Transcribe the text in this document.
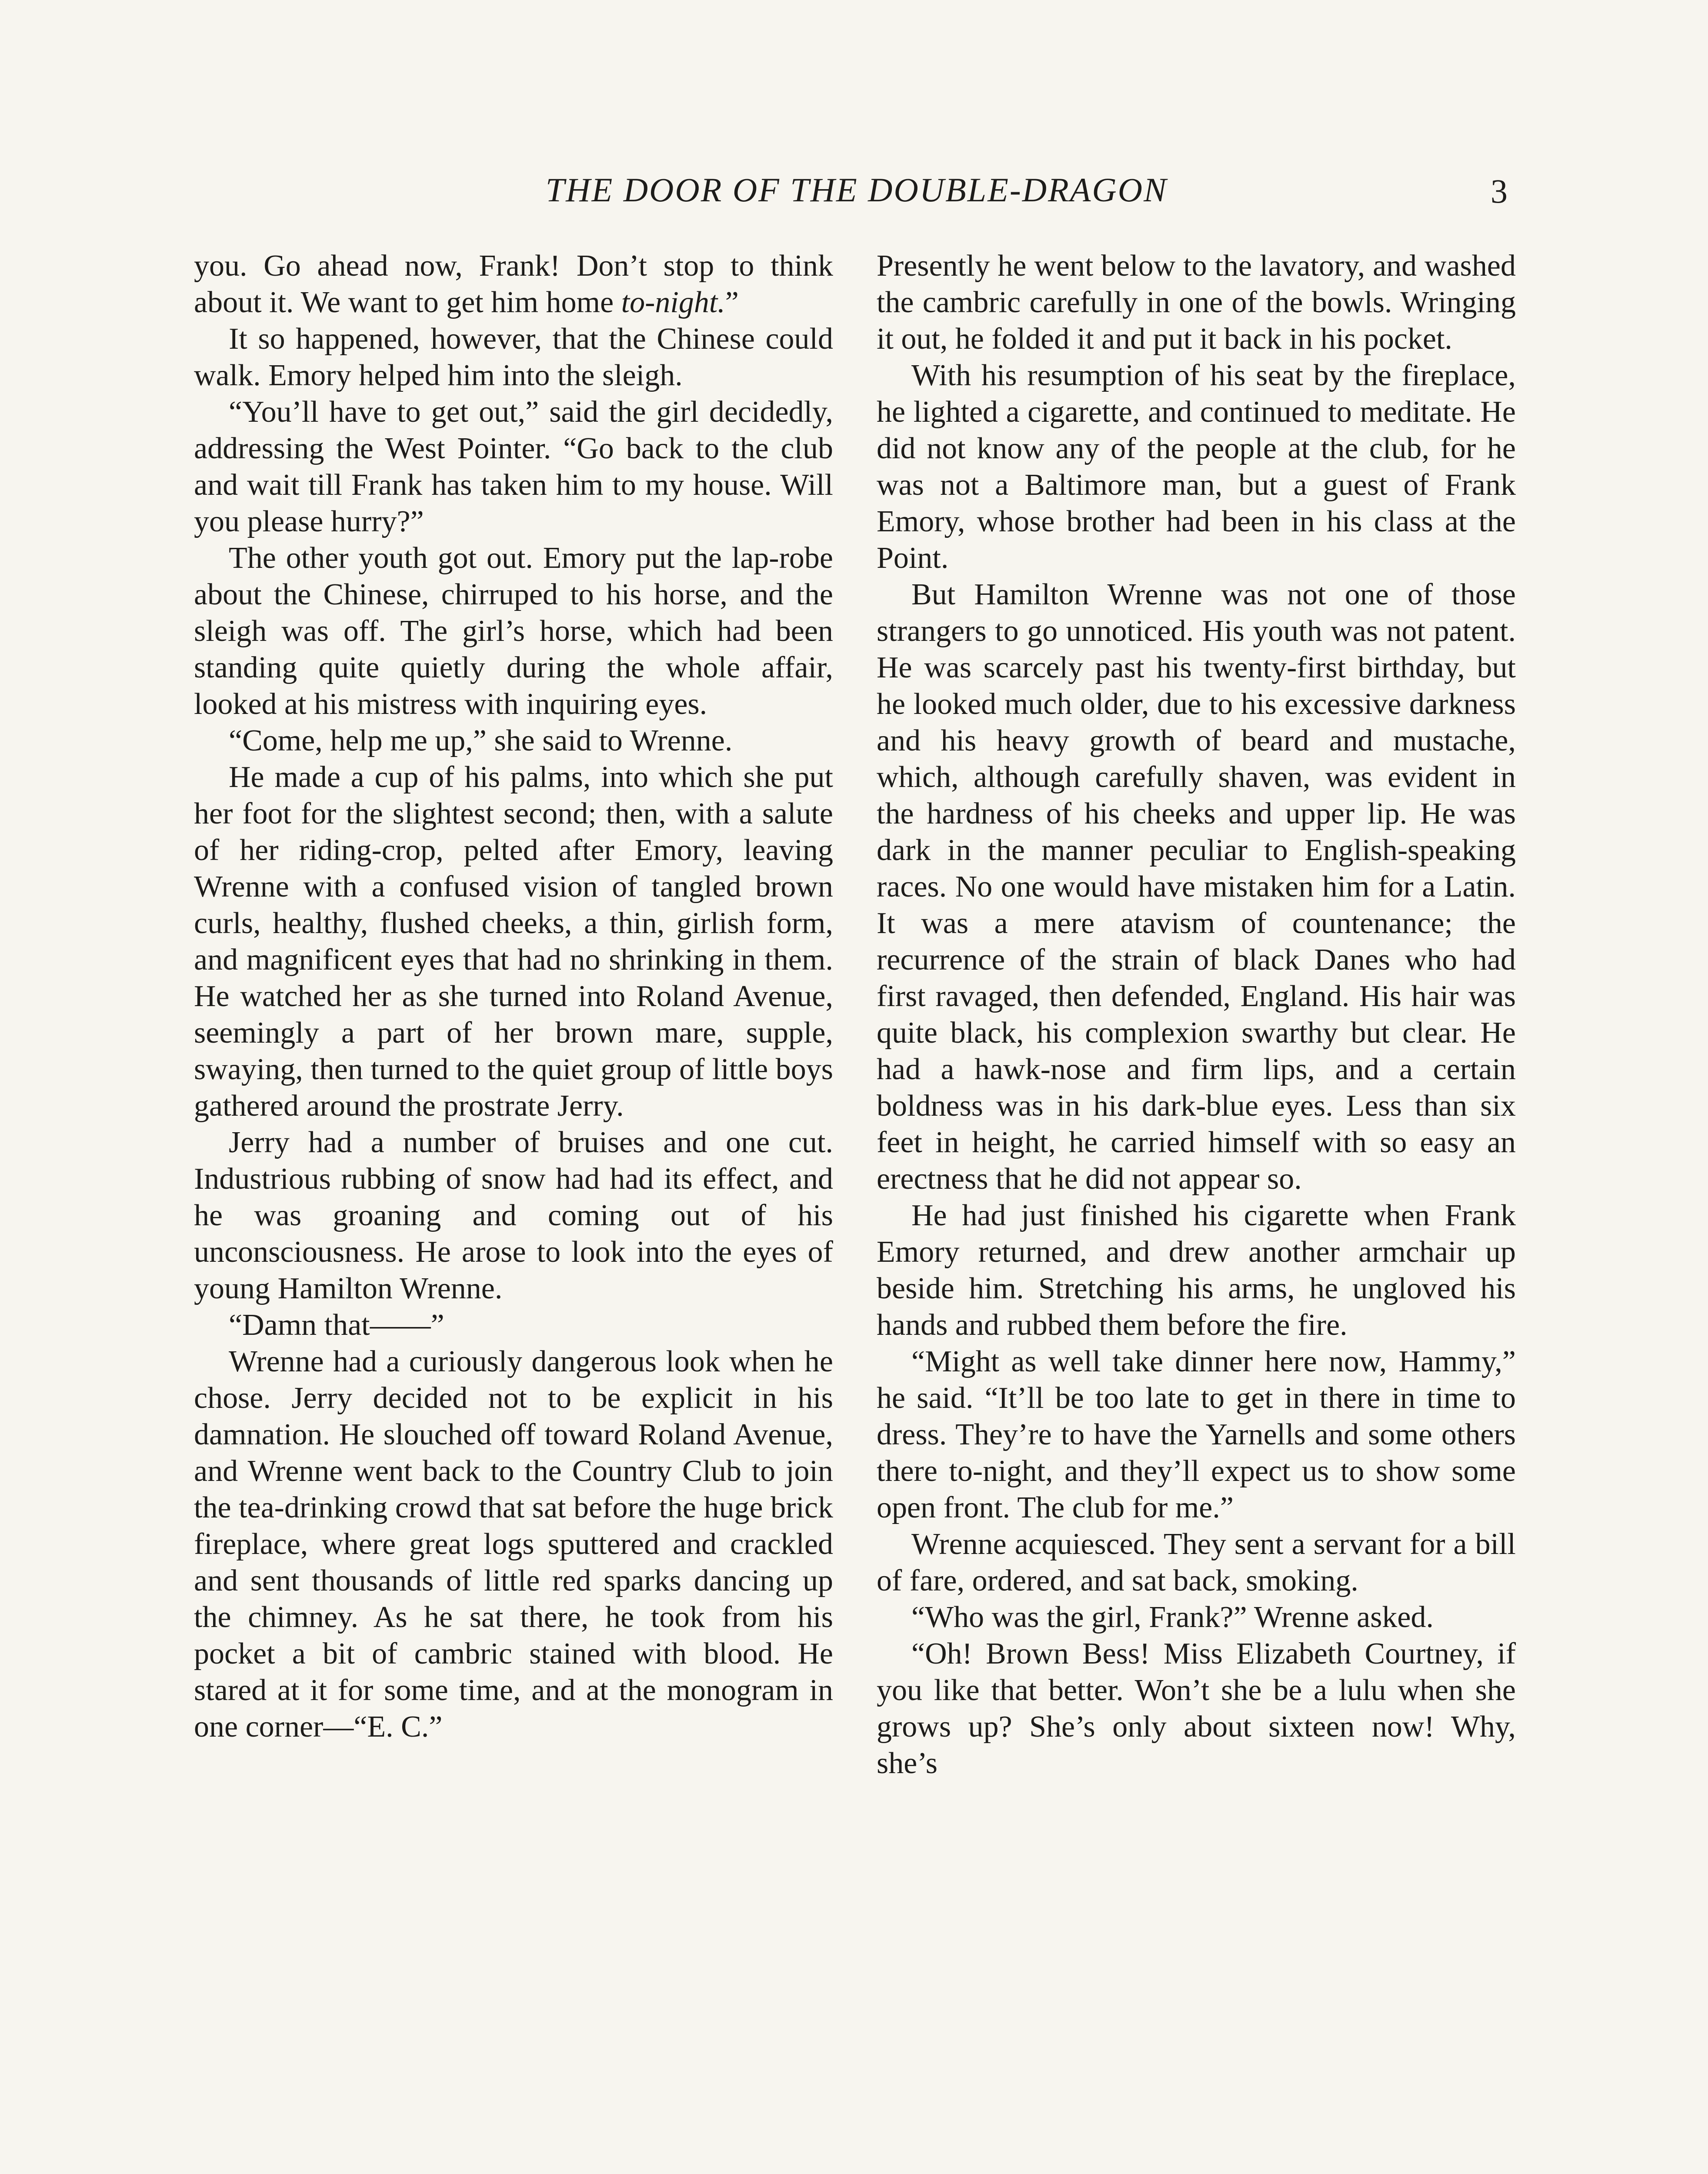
THE DOOR OF THE DOUBLE-DRAGON	3

you. Go ahead now, Frank! Don’t stop to think about it. We want to get him home to-night.”

It so happened, however, that the Chinese could walk. Emory helped him into the sleigh.

“You’ll have to get out,” said the girl decidedly, addressing the West Pointer. “Go back to the club and wait till Frank has taken him to my house. Will you please hurry?”

The other youth got out. Emory put the lap-robe about the Chinese, chirruped to his horse, and the sleigh was off. The girl’s horse, which had been standing quite quietly during the whole affair, looked at his mistress with inquiring eyes.

“Come, help me up,” she said to Wrenne.

He made a cup of his palms, into which she put her foot for the slightest second; then, with a salute of her riding-crop, pelted after Emory, leaving Wrenne with a confused vision of tangled brown curls, healthy, flushed cheeks, a thin, girlish form, and magnificent eyes that had no shrinking in them. He watched her as she turned into Roland Avenue, seemingly a part of her brown mare, supple, swaying, then turned to the quiet group of little boys gathered around the prostrate Jerry.

Jerry had a number of bruises and one cut. Industrious rubbing of snow had had its effect, and he was groaning and coming out of his unconsciousness. He arose to look into the eyes of young Hamilton Wrenne.

“Damn that——”

Wrenne had a curiously dangerous look when he chose. Jerry decided not to be explicit in his damnation. He slouched off toward Roland Avenue, and Wrenne went back to the Country Club to join the tea-drinking crowd that sat before the huge brick fireplace, where great logs sputtered and crackled and sent thousands of little red sparks dancing up the chimney. As he sat there, he took from his pocket a bit of cambric stained with blood. He stared at it for some time, and at the monogram in one corner—“E. C.”

Presently he went below to the lavatory, and washed the cambric carefully in one of the bowls. Wringing it out, he folded it and put it back in his pocket.

With his resumption of his seat by the fireplace, he lighted a cigarette, and continued to meditate. He did not know any of the people at the club, for he was not a Baltimore man, but a guest of Frank Emory, whose brother had been in his class at the Point.

But Hamilton Wrenne was not one of those strangers to go unnoticed. His youth was not patent. He was scarcely past his twenty-first birthday, but he looked much older, due to his excessive darkness and his heavy growth of beard and mustache, which, although carefully shaven, was evident in the hardness of his cheeks and upper lip. He was dark in the manner peculiar to English-speaking races. No one would have mistaken him for a Latin. It was a mere atavism of countenance; the recurrence of the strain of black Danes who had first ravaged, then defended, England. His hair was quite black, his complexion swarthy but clear. He had a hawk-nose and firm lips, and a certain boldness was in his dark-blue eyes. Less than six feet in height, he carried himself with so easy an erectness that he did not appear so.

He had just finished his cigarette when Frank Emory returned, and drew another armchair up beside him. Stretching his arms, he ungloved his hands and rubbed them before the fire.

“Might as well take dinner here now, Hammy,” he said. “It’ll be too late to get in there in time to dress. They’re to have the Yarnells and some others there to-night, and they’ll expect us to show some open front. The club for me.”

Wrenne acquiesced. They sent a servant for a bill of fare, ordered, and sat back, smoking.

“Who was the girl, Frank?” Wrenne asked.

“Oh! Brown Bess! Miss Elizabeth Courtney, if you like that better. Won’t she be a lulu when she grows up? She’s only about sixteen now! Why, she’s
